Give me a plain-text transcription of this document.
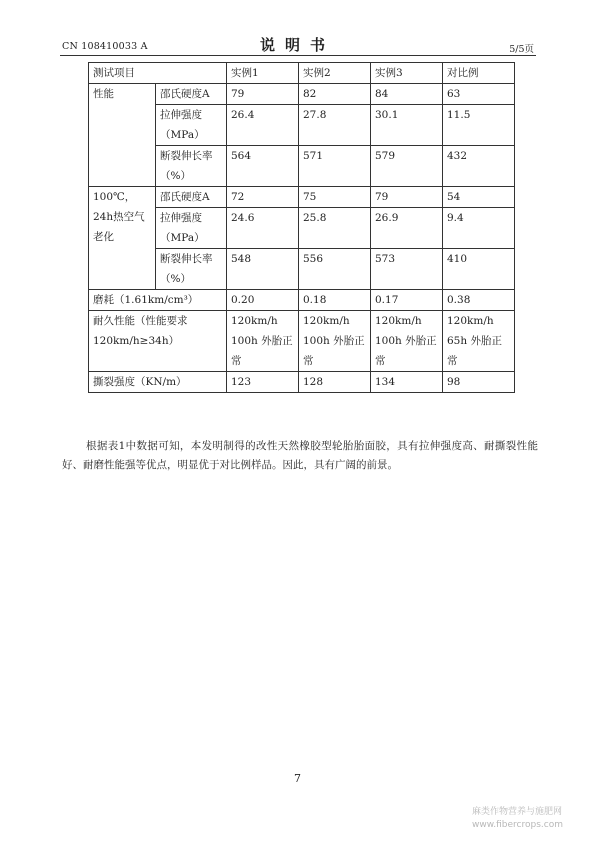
CN 108410033 A	说明书	5/5页
测试项目		实例1	实例2	实例3	对比例
性能	邵氏硬度A	79	82	84	63
	拉伸强度（MPa）	26.4	27.8	30.1	11.5
	断裂伸长率（%）	564	571	579	432
100℃，24h热空气老化	邵氏硬度A	72	75	79	54
	拉伸强度（MPa）	24.6	25.8	26.9	9.4
	断裂伸长率（%）	548	556	573	410
磨耗（1.61km/cm³）		0.20	0.18	0.17	0.38
耐久性能（性能要求120km/h≥34h）		120km/h 100h 外胎正常	120km/h 100h 外胎正常	120km/h 100h 外胎正常	120km/h 65h 外胎正常
撕裂强度（KN/m）		123	128	134	98
根据表1中数据可知，本发明制得的改性天然橡胶型轮胎胎面胶，具有拉伸强度高、耐撕裂性能好、耐磨性能强等优点，明显优于对比例样品。因此，具有广阔的前景。
7
麻类作物营养与施肥网
www.fibercrops.com
